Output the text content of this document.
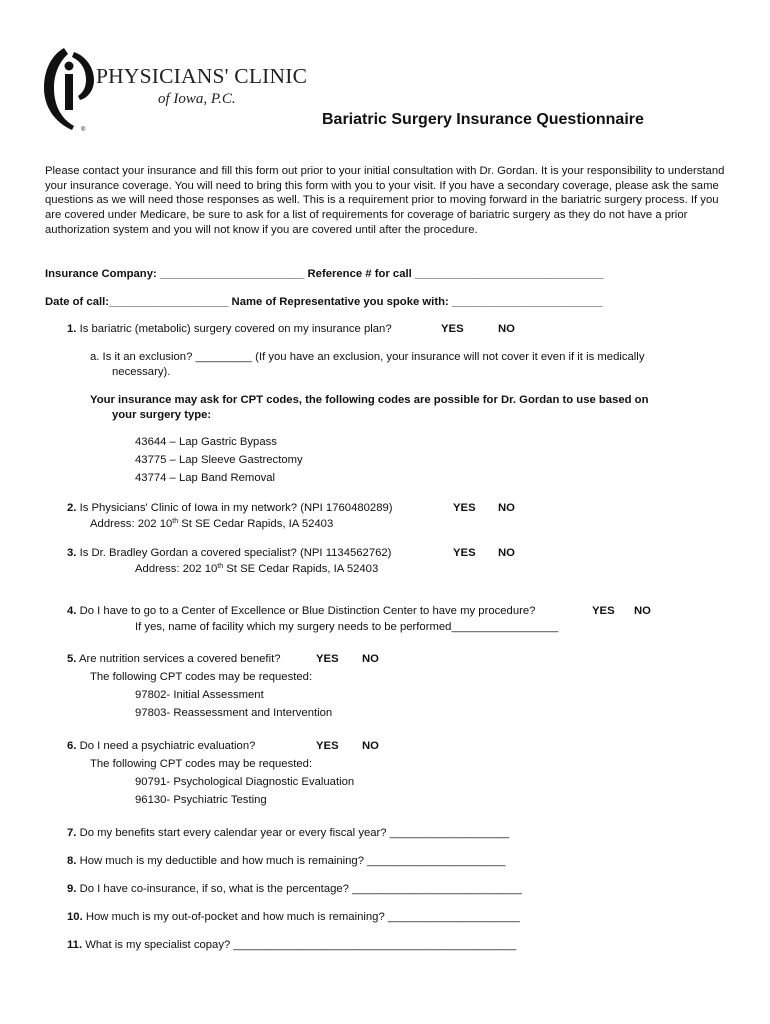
®
PHYSICIANS' CLINIC
of Iowa, P.C.
Bariatric Surgery Insurance Questionnaire
Please contact your insurance and fill this form out prior to your initial consultation with Dr. Gordan. It is your responsibility to understand your insurance coverage. You will need to bring this form with you to your visit. If you have a secondary coverage, please ask the same questions as we will need those responses as well. This is a requirement prior to moving forward in the bariatric surgery process. If you are covered under Medicare, be sure to ask for a list of requirements for coverage of bariatric surgery as they do not have a prior authorization system and you will not know if you are covered until after the procedure.
Insurance Company: _______________________ Reference # for call ______________________________
Date of call:___________________ Name of Representative you spoke with: ________________________
1. Is bariatric (metabolic) surgery covered on my insurance plan?	YES	NO
a. Is it an exclusion? _________ (If you have an exclusion, your insurance will not cover it even if it is medically
necessary).
Your insurance may ask for CPT codes, the following codes are possible for Dr. Gordan to use based on
your surgery type:
43644 – Lap Gastric Bypass
43775 – Lap Sleeve Gastrectomy
43774 – Lap Band Removal
2. Is Physicians' Clinic of Iowa in my network? (NPI 1760480289)	YES NO
Address: 202 10th St SE Cedar Rapids, IA 52403
3. Is Dr. Bradley Gordan a covered specialist? (NPI 1134562762)	YES NO
Address: 202 10th St SE Cedar Rapids, IA 52403
4. Do I have to go to a Center of Excellence or Blue Distinction Center to have my procedure?	YES NO
If yes, name of facility which my surgery needs to be performed_________________
5. Are nutrition services a covered benefit?	YES NO
The following CPT codes may be requested:
97802- Initial Assessment
97803- Reassessment and Intervention
6. Do I need a psychiatric evaluation?	YES NO
The following CPT codes may be requested:
90791- Psychological Diagnostic Evaluation
96130- Psychiatric Testing
7. Do my benefits start every calendar year or every fiscal year? ___________________
8. How much is my deductible and how much is remaining? ______________________
9. Do I have co-insurance, if so, what is the percentage? ___________________________
10. How much is my out-of-pocket and how much is remaining? _____________________
11. What is my specialist copay? _____________________________________________
